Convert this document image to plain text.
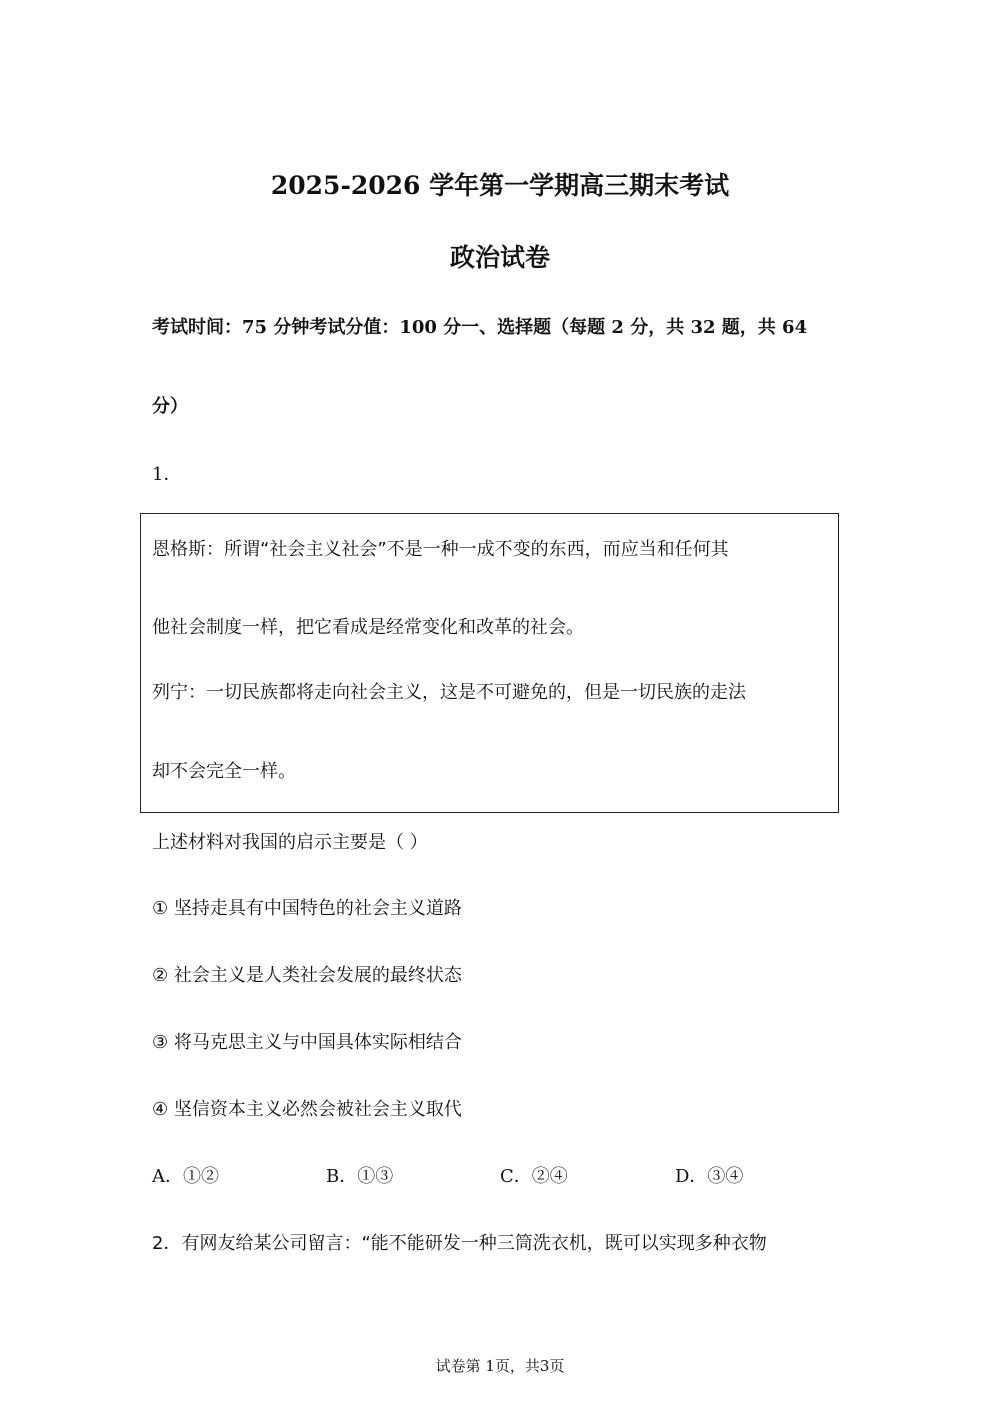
2025-2026 学年第一学期高三期末考试
政治试卷
考试时间：75 分钟考试分值：100 分一、选择题（每题 2 分，共 32 题，共 64
分）
1．
恩格斯：所谓“社会主义社会”不是一种一成不变的东西，而应当和任何其
他社会制度一样，把它看成是经常变化和改革的社会。
列宁：一切民族都将走向社会主义，这是不可避免的，但是一切民族的走法
却不会完全一样。
上述材料对我国的启示主要是（ ）
① 坚持走具有中国特色的社会主义道路
② 社会主义是人类社会发展的最终状态
③ 将马克思主义与中国具体实际相结合
④ 坚信资本主义必然会被社会主义取代
A．①②	B．①③	C．②④	D．③④
2．有网友给某公司留言：“能不能研发一种三筒洗衣机，既可以实现多种衣物
试卷第 1页，共3页
